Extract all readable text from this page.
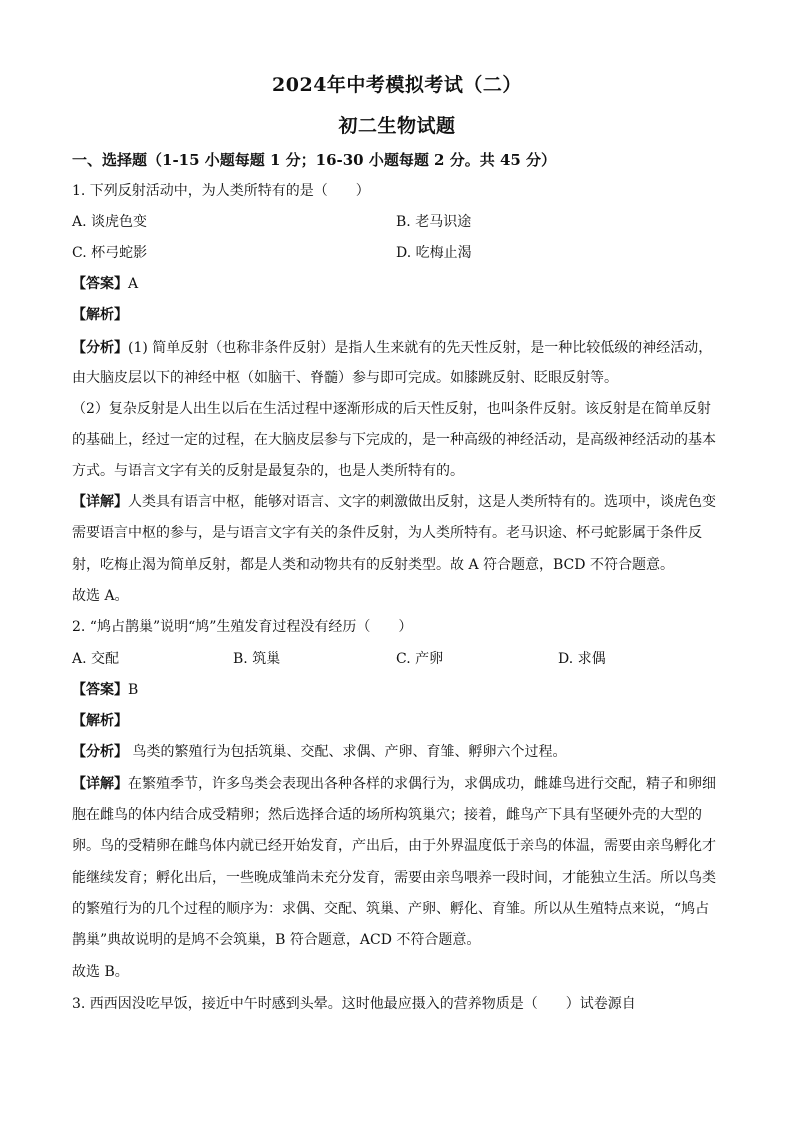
2024年中考模拟考试（二）
初二生物试题
一、选择题（1-15 小题每题 1 分；16-30 小题每题 2 分。共 45 分）
1. 下列反射活动中，为人类所特有的是（　　）
A. 谈虎色变	B. 老马识途
C. 杯弓蛇影	D. 吃梅止渴
【答案】A
【解析】
【分析】(1) 简单反射（也称非条件反射）是指人生来就有的先天性反射，是一种比较低级的神经活动，
由大脑皮层以下的神经中枢（如脑干、脊髓）参与即可完成。如膝跳反射、眨眼反射等。
（2）复杂反射是人出生以后在生活过程中逐渐形成的后天性反射，也叫条件反射。该反射是在简单反射
的基础上，经过一定的过程，在大脑皮层参与下完成的，是一种高级的神经活动，是高级神经活动的基本
方式。与语言文字有关的反射是最复杂的，也是人类所特有的。
【详解】人类具有语言中枢，能够对语言、文字的刺激做出反射，这是人类所特有的。选项中，谈虎色变
需要语言中枢的参与，是与语言文字有关的条件反射，为人类所特有。老马识途、杯弓蛇影属于条件反
射，吃梅止渴为简单反射，都是人类和动物共有的反射类型。故 A 符合题意，BCD 不符合题意。
故选 A。
2. “鸠占鹊巢”说明“鸠”生殖发育过程没有经历（　　）
A. 交配	B. 筑巢	C. 产卵	D. 求偶
【答案】B
【解析】
【分析】 鸟类的繁殖行为包括筑巢、交配、求偶、产卵、育雏、孵卵六个过程。
【详解】在繁殖季节，许多鸟类会表现出各种各样的求偶行为，求偶成功，雌雄鸟进行交配，精子和卵细
胞在雌鸟的体内结合成受精卵；然后选择合适的场所构筑巢穴；接着，雌鸟产下具有坚硬外壳的大型的
卵。鸟的受精卵在雌鸟体内就已经开始发育，产出后，由于外界温度低于亲鸟的体温，需要由亲鸟孵化才
能继续发育；孵化出后，一些晚成雏尚未充分发育，需要由亲鸟喂养一段时间，才能独立生活。所以鸟类
的繁殖行为的几个过程的顺序为：求偶、交配、筑巢、产卵、孵化、育雏。所以从生殖特点来说，“鸠占
鹊巢”典故说明的是鸠不会筑巢，B 符合题意，ACD 不符合题意。
故选 B。
3. 西西因没吃早饭，接近中午时感到头晕。这时他最应摄入的营养物质是（　　）试卷源自
